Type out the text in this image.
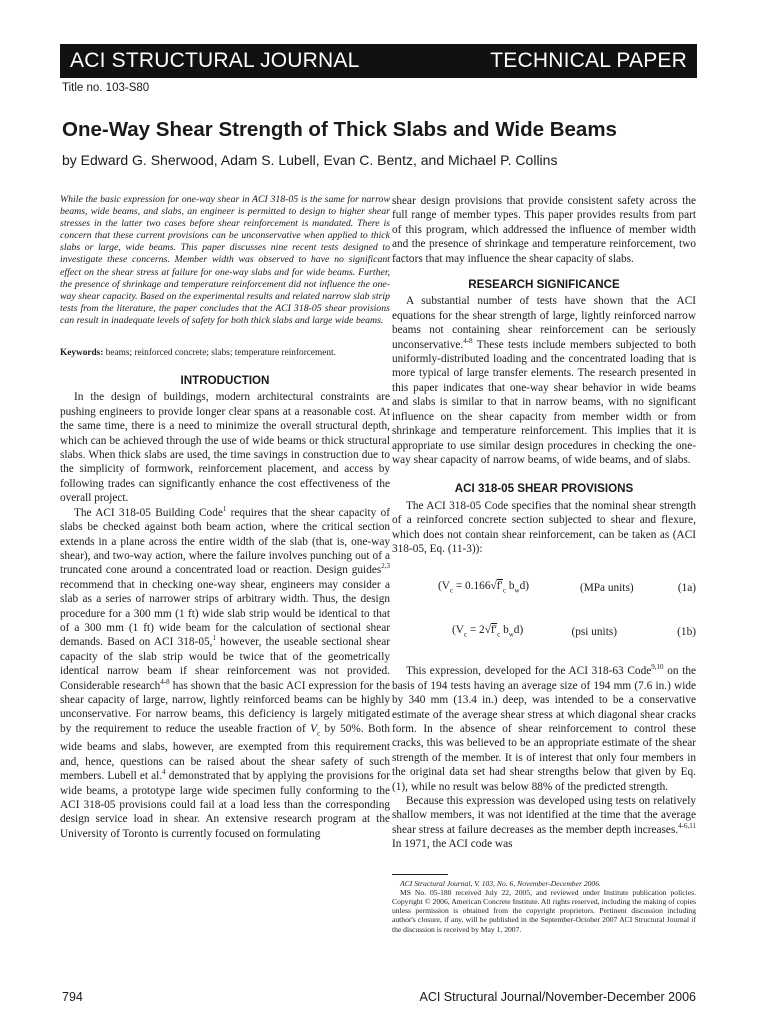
ACI STRUCTURAL JOURNAL	TECHNICAL PAPER
Title no. 103-S80
One-Way Shear Strength of Thick Slabs and Wide Beams
by Edward G. Sherwood, Adam S. Lubell, Evan C. Bentz, and Michael P. Collins
While the basic expression for one-way shear in ACI 318-05 is the same for narrow beams, wide beams, and slabs, an engineer is permitted to design to higher shear stresses in the latter two cases before shear reinforcement is mandated. There is concern that these current provisions can be unconservative when applied to thick slabs or large, wide beams. This paper discusses nine recent tests designed to investigate these concerns. Member width was observed to have no significant effect on the shear stress at failure for one-way slabs and for wide beams. Further, the presence of shrinkage and temperature reinforcement did not influence the one-way shear capacity. Based on the experimental results and related narrow slab strip tests from the literature, the paper concludes that the ACI 318-05 shear provisions can result in inadequate levels of safety for both thick slabs and large wide beams.
Keywords: beams; reinforced concrete; slabs; temperature reinforcement.
INTRODUCTION

In the design of buildings, modern architectural constraints are pushing engineers to provide longer clear spans at a reasonable cost. At the same time, there is a need to minimize the overall structural depth, which can be achieved through the use of wide beams or thick structural slabs. When thick slabs are used, the time savings in construction due to the simplicity of formwork, reinforcement placement, and access by following trades can significantly enhance the cost effectiveness of the overall project.

The ACI 318-05 Building Code$^1$ requires that the shear capacity of slabs be checked against both beam action, where the critical section extends in a plane across the entire width of the slab (that is, one-way shear), and two-way action, where the failure involves punching out of a truncated cone around a concentrated load or reaction. Design guides$^{2,3}$ recommend that in checking one-way shear, engineers may consider a slab as a series of narrower strips of arbitrary width. Thus, the design procedure for a 300 mm (1 ft) wide slab strip would be identical to that of a 300 mm (1 ft) wide beam for the calculation of sectional shear demands. Based on ACI 318-05,$^1$ however, the useable sectional shear capacity of the slab strip would be twice that of the geometrically identical narrow beam if shear reinforcement was not provided. Considerable research$^{4-8}$ has shown that the basic ACI expression for the shear capacity of large, narrow, lightly reinforced beams can be highly unconservative. For narrow beams, this deficiency is largely mitigated by the requirement to reduce the useable fraction of $V_c$ by 50%. Both wide beams and slabs, however, are exempted from this requirement and, hence, questions can be raised about the shear safety of such members. Lubell et al.$^4$ demonstrated that by applying the provisions for wide beams, a prototype large wide specimen fully conforming to the ACI 318-05 provisions could fail at a load less than the corresponding design service load in shear. An extensive research program at the University of Toronto is currently focused on formulating

shear design provisions that provide consistent safety across the full range of member types. This paper provides results from part of this program, which addressed the influence of member width and the presence of shrinkage and temperature reinforcement, two factors that may influence the shear capacity of slabs.

RESEARCH SIGNIFICANCE

A substantial number of tests have shown that the ACI equations for the shear strength of large, lightly reinforced narrow beams not containing shear reinforcement can be seriously unconservative.$^{4-8}$ These tests include members subjected to both uniformly-distributed loading and the concentrated loading that is more typical of large transfer elements. The research presented in this paper indicates that one-way shear behavior in wide beams and slabs is similar to that in narrow beams, with no significant influence on the shear capacity from member width or from shrinkage and temperature reinforcement. This implies that it is appropriate to use similar design procedures in checking the one-way shear capacity of narrow beams, of wide beams, and of slabs.

ACI 318-05 SHEAR PROVISIONS

The ACI 318-05 Code specifies that the nominal shear strength of a reinforced concrete section subjected to shear and flexure, which does not contain shear reinforcement, can be taken as (ACI 318-05, Eq. (11-3)):

($V_c = 0.166√f'_c$ $b_wd$)	(MPa units)	(1a)
($V_c = 2√f'_c$ $b_wd$)	(psi units)	(1b)

This expression, developed for the ACI 318-63 Code$^{9,10}$ on the basis of 194 tests having an average size of 194 mm (7.6 in.) wide by 340 mm (13.4 in.) deep, was intended to be a conservative estimate of the average shear stress at which diagonal shear cracks form. In the absence of shear reinforcement to control these cracks, this was believed to be an appropriate estimate of the shear strength of the member. It is of interest that only four members in the original data set had shear strengths below that given by Eq. (1), while no result was below 88% of the predicted strength.

Because this expression was developed using tests on relatively shallow members, it was not identified at the time that the average shear stress at failure decreases as the member depth increases.$^{4-6,11}$ In 1971, the ACI code was

ACI Structural Journal, V. 103, No. 6, November-December 2006.

MS No. 05-180 received July 22, 2005, and reviewed under Institute publication policies. Copyright © 2006, American Concrete Institute. All rights reserved, including the making of copies unless permission is obtained from the copyright proprietors. Pertinent discussion including author's closure, if any, will be published in the September-October 2007 ACI Structural Journal if the discussion is received by May 1, 2007.

794	ACI Structural Journal/November-December 2006
